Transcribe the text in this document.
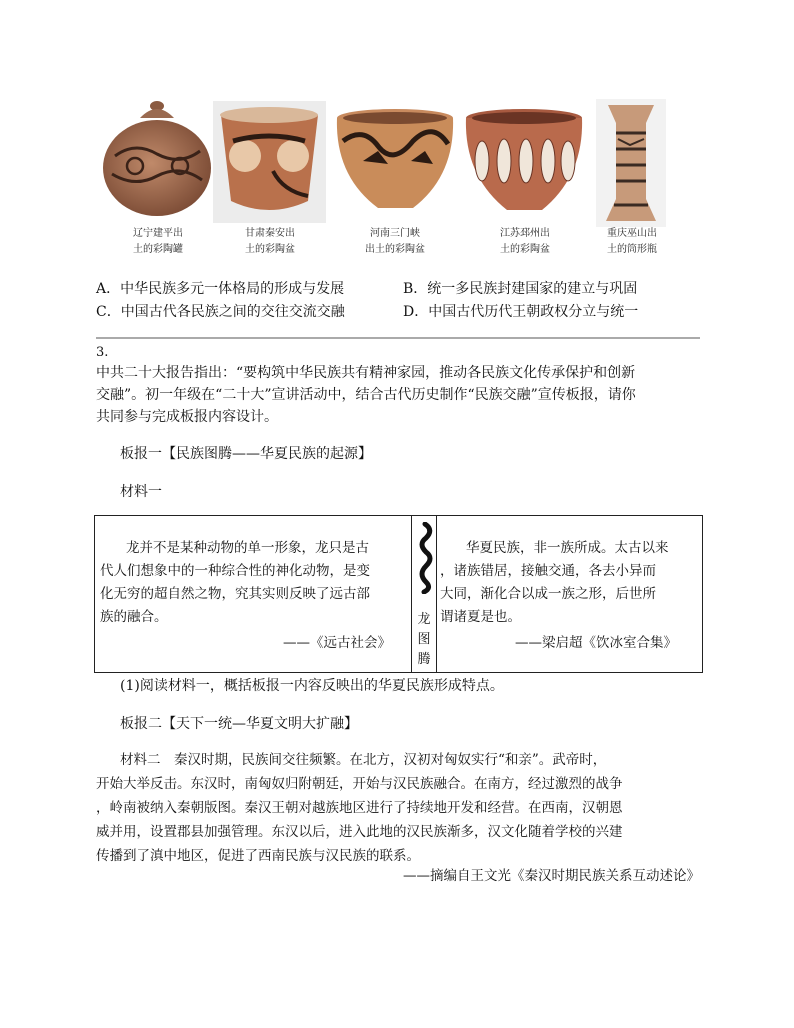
辽宁建平出
土的彩陶罐
甘肃秦安出
土的彩陶盆
河南三门峡
出土的彩陶盆
江苏邳州出
土的彩陶盆
重庆巫山出
土的筒形瓶
A．中华民族多元一体格局的形成与发展	B．统一多民族封建国家的建立与巩固
C．中国古代各民族之间的交往交流交融	D．中国古代历代王朝政权分立与统一
3.
中共二十大报告指出：“要构筑中华民族共有精神家园，推动各民族文化传承保护和创新
交融”。初一年级在“二十大”宣讲活动中，结合古代历史制作“民族交融”宣传板报，请你
共同参与完成板报内容设计。
板报一【民族图腾——华夏民族的起源】
材料一
龙并不是某种动物的单一形象，龙只是古
代人们想象中的一种综合性的神化动物，是变
化无穷的超自然之物，究其实则反映了远古部
族的融合。
——《远古社会》
龙图腾
华夏民族，非一族所成。太古以来
，诸族错居，接触交通，各去小异而
大同，渐化合以成一族之形，后世所
谓诸夏是也。
——梁启超《饮冰室合集》
(1)阅读材料一，概括板报一内容反映出的华夏民族形成特点。
板报二【天下一统—华夏文明大扩融】
材料二　秦汉时期，民族间交往频繁。在北方，汉初对匈奴实行“和亲”。武帝时，
开始大举反击。东汉时，南匈奴归附朝廷，开始与汉民族融合。在南方，经过激烈的战争
，岭南被纳入秦朝版图。秦汉王朝对越族地区进行了持续地开发和经营。在西南，汉朝恩
威并用，设置郡县加强管理。东汉以后，进入此地的汉民族渐多，汉文化随着学校的兴建
传播到了滇中地区，促进了西南民族与汉民族的联系。
——摘编自王文光《秦汉时期民族关系互动述论》
